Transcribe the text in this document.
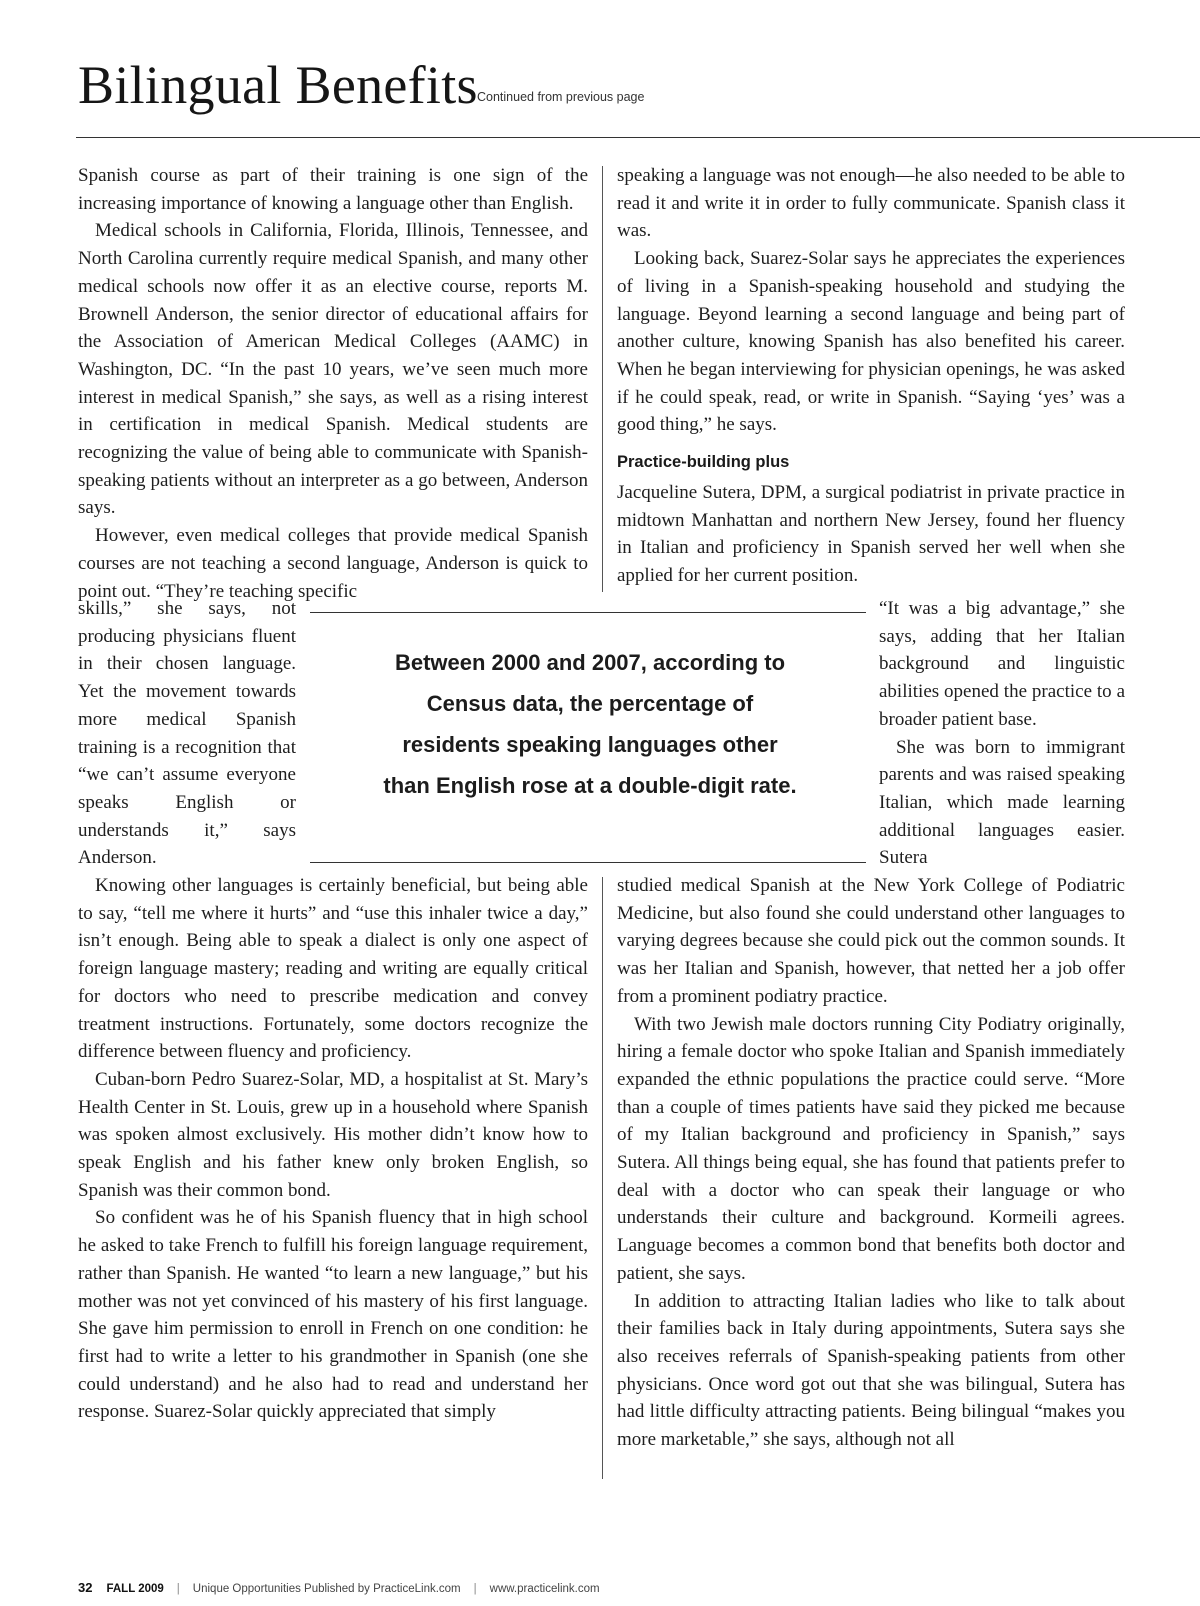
Bilingual Benefits Continued from previous page

Spanish course as part of their training is one sign of the increasing importance of knowing a language other than English.

Medical schools in California, Florida, Illinois, Tennessee, and North Carolina currently require medical Spanish, and many other medical schools now offer it as an elective course, reports M. Brownell Anderson, the senior director of educational affairs for the Association of American Medical Colleges (AAMC) in Washington, DC. “In the past 10 years, we’ve seen much more interest in medical Spanish,” she says, as well as a rising interest in certification in medical Spanish. Medical students are recognizing the value of being able to communicate with Spanish-speaking patients without an interpreter as a go between, Anderson says.

However, even medical colleges that provide medical Spanish courses are not teaching a second language, Anderson is quick to point out. “They’re teaching specific

skills,” she says, not producing physicians fluent in their chosen language. Yet the movement towards more medical Spanish training is a recognition that “we can’t assume everyone speaks English or understands it,” says Anderson.

Knowing other languages is certainly beneficial, but being able to say, “tell me where it hurts” and “use this inhaler twice a day,” isn’t enough. Being able to speak a dialect is only one aspect of foreign language mastery; reading and writing are equally critical for doctors who need to prescribe medication and convey treatment instructions. Fortunately, some doctors recognize the difference between fluency and proficiency.

Cuban-born Pedro Suarez-Solar, MD, a hospitalist at St. Mary’s Health Center in St. Louis, grew up in a household where Spanish was spoken almost exclusively. His mother didn’t know how to speak English and his father knew only broken English, so Spanish was their common bond.

So confident was he of his Spanish fluency that in high school he asked to take French to fulfill his foreign language requirement, rather than Spanish. He wanted “to learn a new language,” but his mother was not yet convinced of his mastery of his first language. She gave him permission to enroll in French on one condition: he first had to write a letter to his grandmother in Spanish (one she could understand) and he also had to read and understand her response. Suarez-Solar quickly appreciated that simply

speaking a language was not enough—he also needed to be able to read it and write it in order to fully communicate. Spanish class it was.

Looking back, Suarez-Solar says he appreciates the experiences of living in a Spanish-speaking household and studying the language. Beyond learning a second language and being part of another culture, knowing Spanish has also benefited his career. When he began interviewing for physician openings, he was asked if he could speak, read, or write in Spanish. “Saying ‘yes’ was a good thing,” he says.

Practice-building plus

Jacqueline Sutera, DPM, a surgical podiatrist in private practice in midtown Manhattan and northern New Jersey, found her fluency in Italian and proficiency in Spanish served her well when she applied for her current position.

“It was a big advantage,” she says, adding that her Italian background and linguistic abilities opened the practice to a broader patient base.

She was born to immigrant parents and was raised speaking Italian, which made learning additional languages easier. Sutera

studied medical Spanish at the New York College of Podiatric Medicine, but also found she could understand other languages to varying degrees because she could pick out the common sounds. It was her Italian and Spanish, however, that netted her a job offer from a prominent podiatry practice.

With two Jewish male doctors running City Podiatry originally, hiring a female doctor who spoke Italian and Spanish immediately expanded the ethnic populations the practice could serve. “More than a couple of times patients have said they picked me because of my Italian background and proficiency in Spanish,” says Sutera. All things being equal, she has found that patients prefer to deal with a doctor who can speak their language or who understands their culture and background. Kormeili agrees. Language becomes a common bond that benefits both doctor and patient, she says.

In addition to attracting Italian ladies who like to talk about their families back in Italy during appointments, Sutera says she also receives referrals of Spanish-speaking patients from other physicians. Once word got out that she was bilingual, Sutera has had little difficulty attracting patients. Being bilingual “makes you more marketable,” she says, although not all

Between 2000 and 2007, according to Census data, the percentage of residents speaking languages other than English rose at a double-digit rate.
32 FALL 2009 | Unique Opportunities Published by PracticeLink.com | www.practicelink.com
